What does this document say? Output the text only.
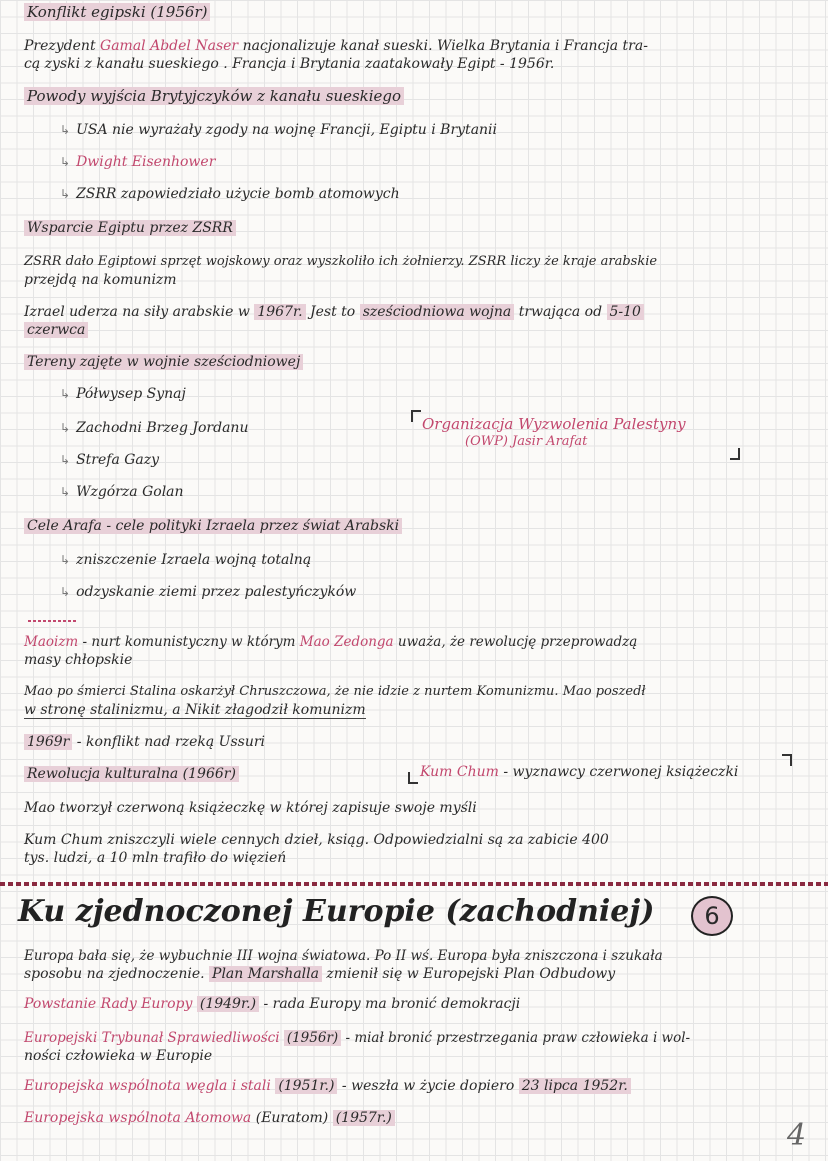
Konflikt egipski (1956r)
Prezydent Gamal Abdel Naser nacjonalizuje kanał sueski. Wielka Brytania i Francja tra-
cą zyski z kanału sueskiego . Francja i Brytania zaatakowały Egipt - 1956r.
Powody wyjścia Brytyjczyków z kanału sueskiego
↳ USA nie wyrażały zgody na wojnę Francji, Egiptu i Brytanii
↳ Dwight Eisenhower
↳ ZSRR zapowiedziało użycie bomb atomowych
Wsparcie Egiptu przez ZSRR
ZSRR dało Egiptowi sprzęt wojskowy oraz wyszkoliło ich żołnierzy. ZSRR liczy że kraje arabskie
przejdą na komunizm
Izrael uderza na siły arabskie w 1967r. Jest to sześciodniowa wojna trwająca od 5-10
czerwca
Tereny zajęte w wojnie sześciodniowej
↳ Półwysep Synaj
↳ Zachodni Brzeg Jordanu
↳ Strefa Gazy
↳ Wzgórza Golan
Organizacja Wyzwolenia Palestyny
(OWP) Jasir Arafat
Cele Arafa - cele polityki Izraela przez świat Arabski
↳ zniszczenie Izraela wojną totalną
↳ odzyskanie ziemi przez palestyńczyków
Maoizm - nurt komunistyczny w którym Mao Zedonga uważa, że rewolucję przeprowadzą
masy chłopskie
Mao po śmierci Stalina oskarżył Chruszczowa, że nie idzie z nurtem Komunizmu. Mao poszedł
w stronę stalinizmu, a Nikit złagodził komunizm
1969r - konflikt nad rzeką Ussuri
Rewolucja kulturalna (1966r)	Kum Chum - wyznawcy czerwonej książeczki
Mao tworzył czerwoną książeczkę w której zapisuje swoje myśli
Kum Chum zniszczyli wiele cennych dzieł, ksiąg. Odpowiedzialni są za zabicie 400
tys. ludzi, a 10 mln trafiło do więzień
Ku zjednoczonej Europie (zachodniej)	6
Europa bała się, że wybuchnie III wojna światowa. Po II wś. Europa była zniszczona i szukała
sposobu na zjednoczenie. Plan Marshalla zmienił się w Europejski Plan Odbudowy
Powstanie Rady Europy (1949r.) - rada Europy ma bronić demokracji
Europejski Trybunał Sprawiedliwości (1956r) - miał bronić przestrzegania praw człowieka i wol-
ności człowieka w Europie
Europejska wspólnota węgla i stali (1951r.) - weszła w życie dopiero 23 lipca 1952r.
Europejska wspólnota Atomowa (Euratom) (1957r.)	4
